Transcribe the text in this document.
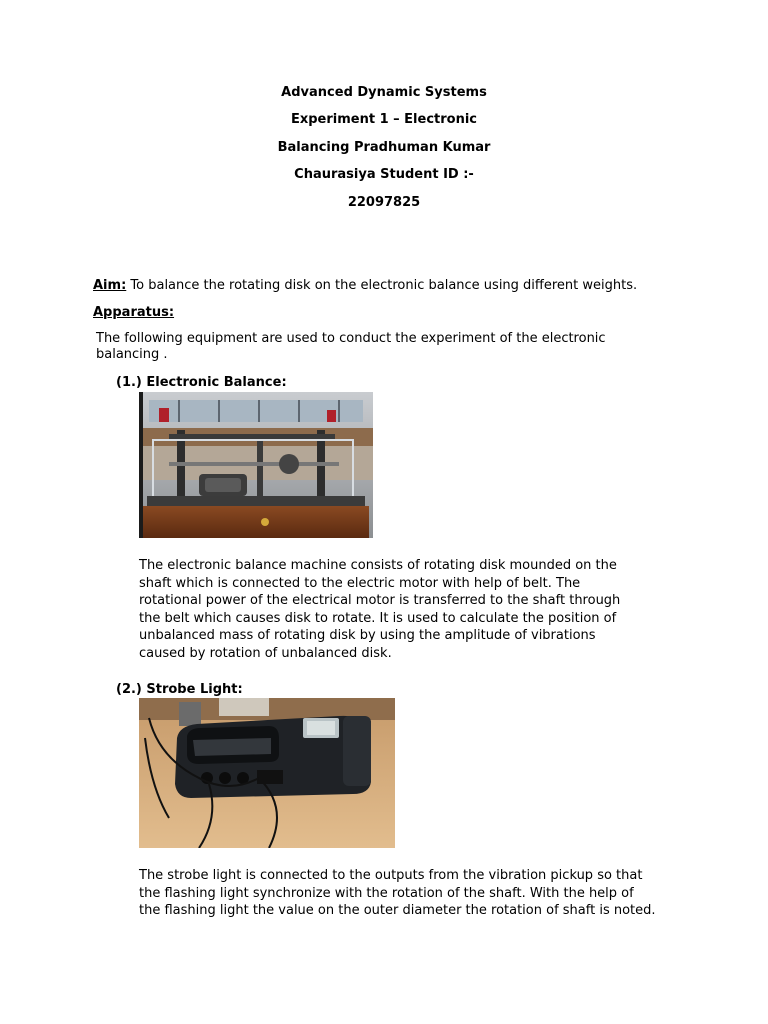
Advanced Dynamic Systems

Experiment 1 – Electronic

Balancing Pradhuman Kumar

Chaurasiya Student ID :-

22097825

Aim: To balance the rotating disk on the electronic balance using different weights.

Apparatus:

The following equipment are used to conduct the experiment of the electronic
balancing .

(1.) Electronic Balance:

The electronic balance machine consists of rotating disk mounded on the
shaft which is connected to the electric motor with help of belt. The
rotational power of the electrical motor is transferred to the shaft through
the belt which causes disk to rotate. It is used to calculate the position of
unbalanced mass of rotating disk by using the amplitude of vibrations
caused by rotation of unbalanced disk.

(2.) Strobe Light:

The strobe light is connected to the outputs from the vibration pickup so that
the flashing light synchronize with the rotation of the shaft. With the help of
the flashing light the value on the outer diameter the rotation of shaft is noted.
